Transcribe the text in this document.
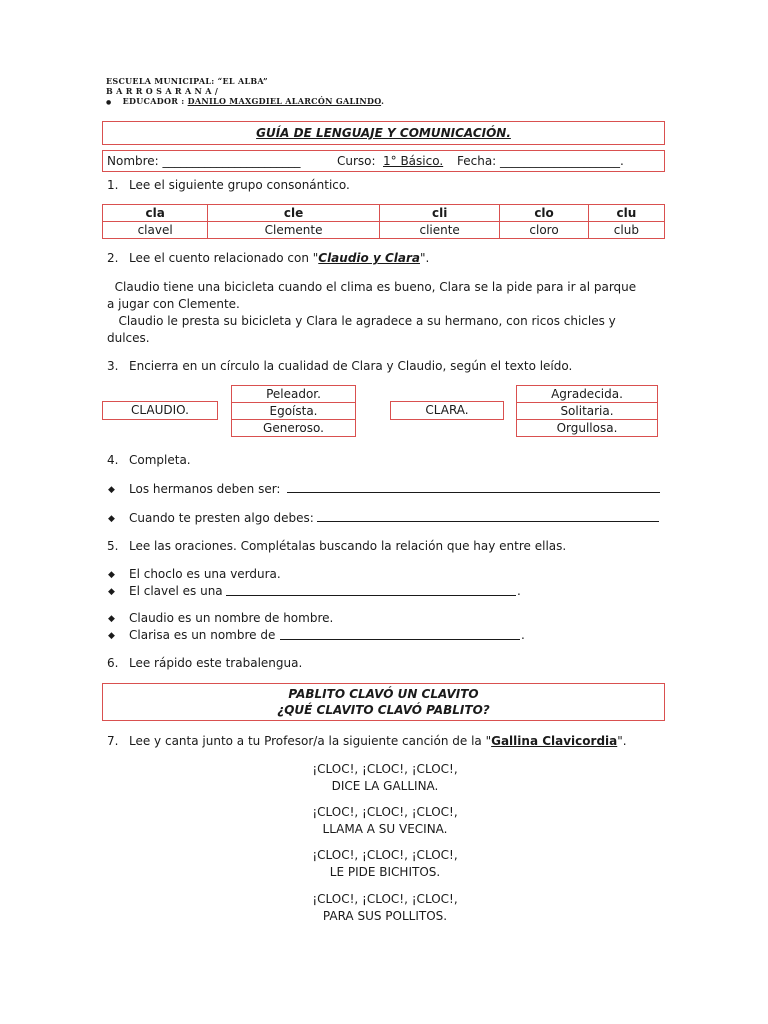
ESCUELA MUNICIPAL: “EL ALBA”
B A R R O S A R A N A /
● EDUCADOR : DANILO MAXGDIEL ALARCÓN GALINDO.
GUÍA DE LENGUAJE Y COMUNICACIÓN.
Nombre: _______________________	Curso: 1° Básico. Fecha: ____________________.
1. Lee el siguiente grupo consonántico.
cla	cle	cli	clo	clu
clavel	Clemente	cliente	cloro	club
2. Lee el cuento relacionado con "Claudio y Clara".
Claudio tiene una bicicleta cuando el clima es bueno, Clara se la pide para ir al parque
a jugar con Clemente.
Claudio le presta su bicicleta y Clara le agradece a su hermano, con ricos chicles y
dulces.
3. Encierra en un círculo la cualidad de Clara y Claudio, según el texto leído.
CLAUDIO.
Peleador.
Egoísta.
Generoso.
CLARA.
Agradecida.
Solitaria.
Orgullosa.
4. Completa.
◆ Los hermanos deben ser:
◆ Cuando te presten algo debes:
5. Lee las oraciones. Complétalas buscando la relación que hay entre ellas.
◆ El choclo es una verdura.
◆ El clavel es una	.
◆ Claudio es un nombre de hombre.
◆ Clarisa es un nombre de	.
6. Lee rápido este trabalengua.
PABLITO CLAVÓ UN CLAVITO
¿QUÉ CLAVITO CLAVÓ PABLITO?
7. Lee y canta junto a tu Profesor/a la siguiente canción de la "Gallina Clavicordia".
¡CLOC!, ¡CLOC!, ¡CLOC!,
DICE LA GALLINA.
¡CLOC!, ¡CLOC!, ¡CLOC!,
LLAMA A SU VECINA.
¡CLOC!, ¡CLOC!, ¡CLOC!,
LE PIDE BICHITOS.
¡CLOC!, ¡CLOC!, ¡CLOC!,
PARA SUS POLLITOS.
